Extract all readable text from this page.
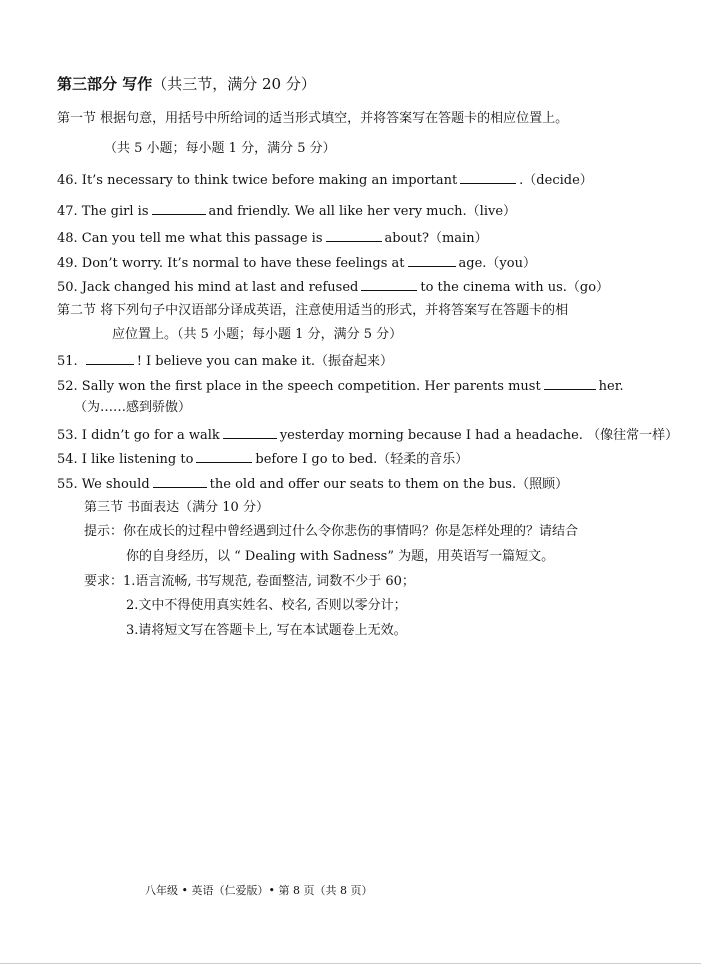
第三部分 写作（共三节，满分 20 分）
第一节 根据句意，用括号中所给词的适当形式填空，并将答案写在答题卡的相应位置上。
（共 5 小题；每小题 1 分，满分 5 分）
46. It’s necessary to think twice before making an important	.（decide）
47. The girl is	and friendly. We all like her very much.（live）
48. Can you tell me what this passage is	about?（main）
49. Don’t worry. It’s normal to have these feelings at	age.（you）
50. Jack changed his mind at last and refused	to the cinema with us.（go）
第二节 将下列句子中汉语部分译成英语，注意使用适当的形式，并将答案写在答题卡的相
应位置上。（共 5 小题；每小题 1 分，满分 5 分）
51.	! I believe you can make it.（振奋起来）
52. Sally won the first place in the speech competition. Her parents must	her.
（为……感到骄傲）
53. I didn’t go for a walk	yesterday morning because I had a headache. （像往常一样）
54. I like listening to	before I go to bed.（轻柔的音乐）
55. We should	the old and offer our seats to them on the bus.（照顾）
第三节 书面表达（满分 10 分）
提示：你在成长的过程中曾经遇到过什么令你悲伤的事情吗？你是怎样处理的？请结合
你的自身经历，以 “ Dealing with Sadness” 为题，用英语写一篇短文。
要求：1.语言流畅, 书写规范, 卷面整洁, 词数不少于 60；
2.文中不得使用真实姓名、校名, 否则以零分计；
3.请将短文写在答题卡上, 写在本试题卷上无效。
八年级 • 英语（仁爱版）• 第 8 页（共 8 页）
